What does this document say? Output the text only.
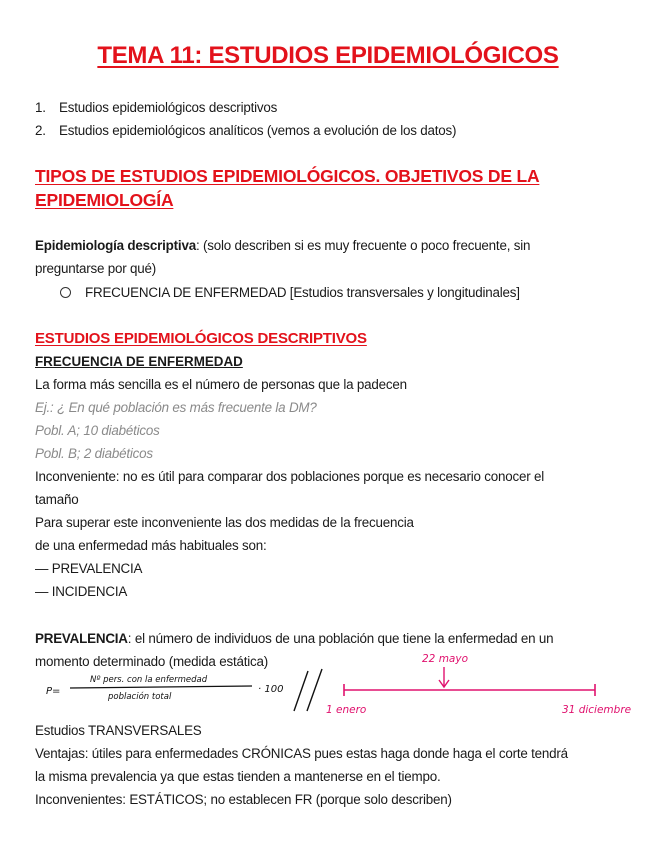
TEMA 11: ESTUDIOS EPIDEMIOLÓGICOS
1. Estudios epidemiológicos descriptivos
2. Estudios epidemiológicos analíticos (vemos a evolución de los datos)
TIPOS DE ESTUDIOS EPIDEMIOLÓGICOS. OBJETIVOS DE LA
EPIDEMIOLOGÍA
Epidemiología descriptiva: (solo describen si es muy frecuente o poco frecuente, sin
preguntarse por qué)
FRECUENCIA DE ENFERMEDAD [Estudios transversales y longitudinales]
ESTUDIOS EPIDEMIOLÓGICOS DESCRIPTIVOS
FRECUENCIA DE ENFERMEDAD
La forma más sencilla es el número de personas que la padecen
Ej.: ¿ En qué población es más frecuente la DM?
Pobl. A; 10 diabéticos
Pobl. B; 2 diabéticos
Inconveniente: no es útil para comparar dos poblaciones porque es necesario conocer el
tamaño
Para superar este inconveniente las dos medidas de la frecuencia
de una enfermedad más habituales son:
— PREVALENCIA
— INCIDENCIA
PREVALENCIA: el número de individuos de una población que tiene la enfermedad en un
momento determinado (medida estática)
P=
Nº pers. con la enfermedad
población total
· 100
22 mayo
1 enero	31 diciembre
Estudios TRANSVERSALES
Ventajas: útiles para enfermedades CRÓNICAS pues estas haga donde haga el corte tendrá
la misma prevalencia ya que estas tienden a mantenerse en el tiempo.
Inconvenientes: ESTÁTICOS; no establecen FR (porque solo describen)
